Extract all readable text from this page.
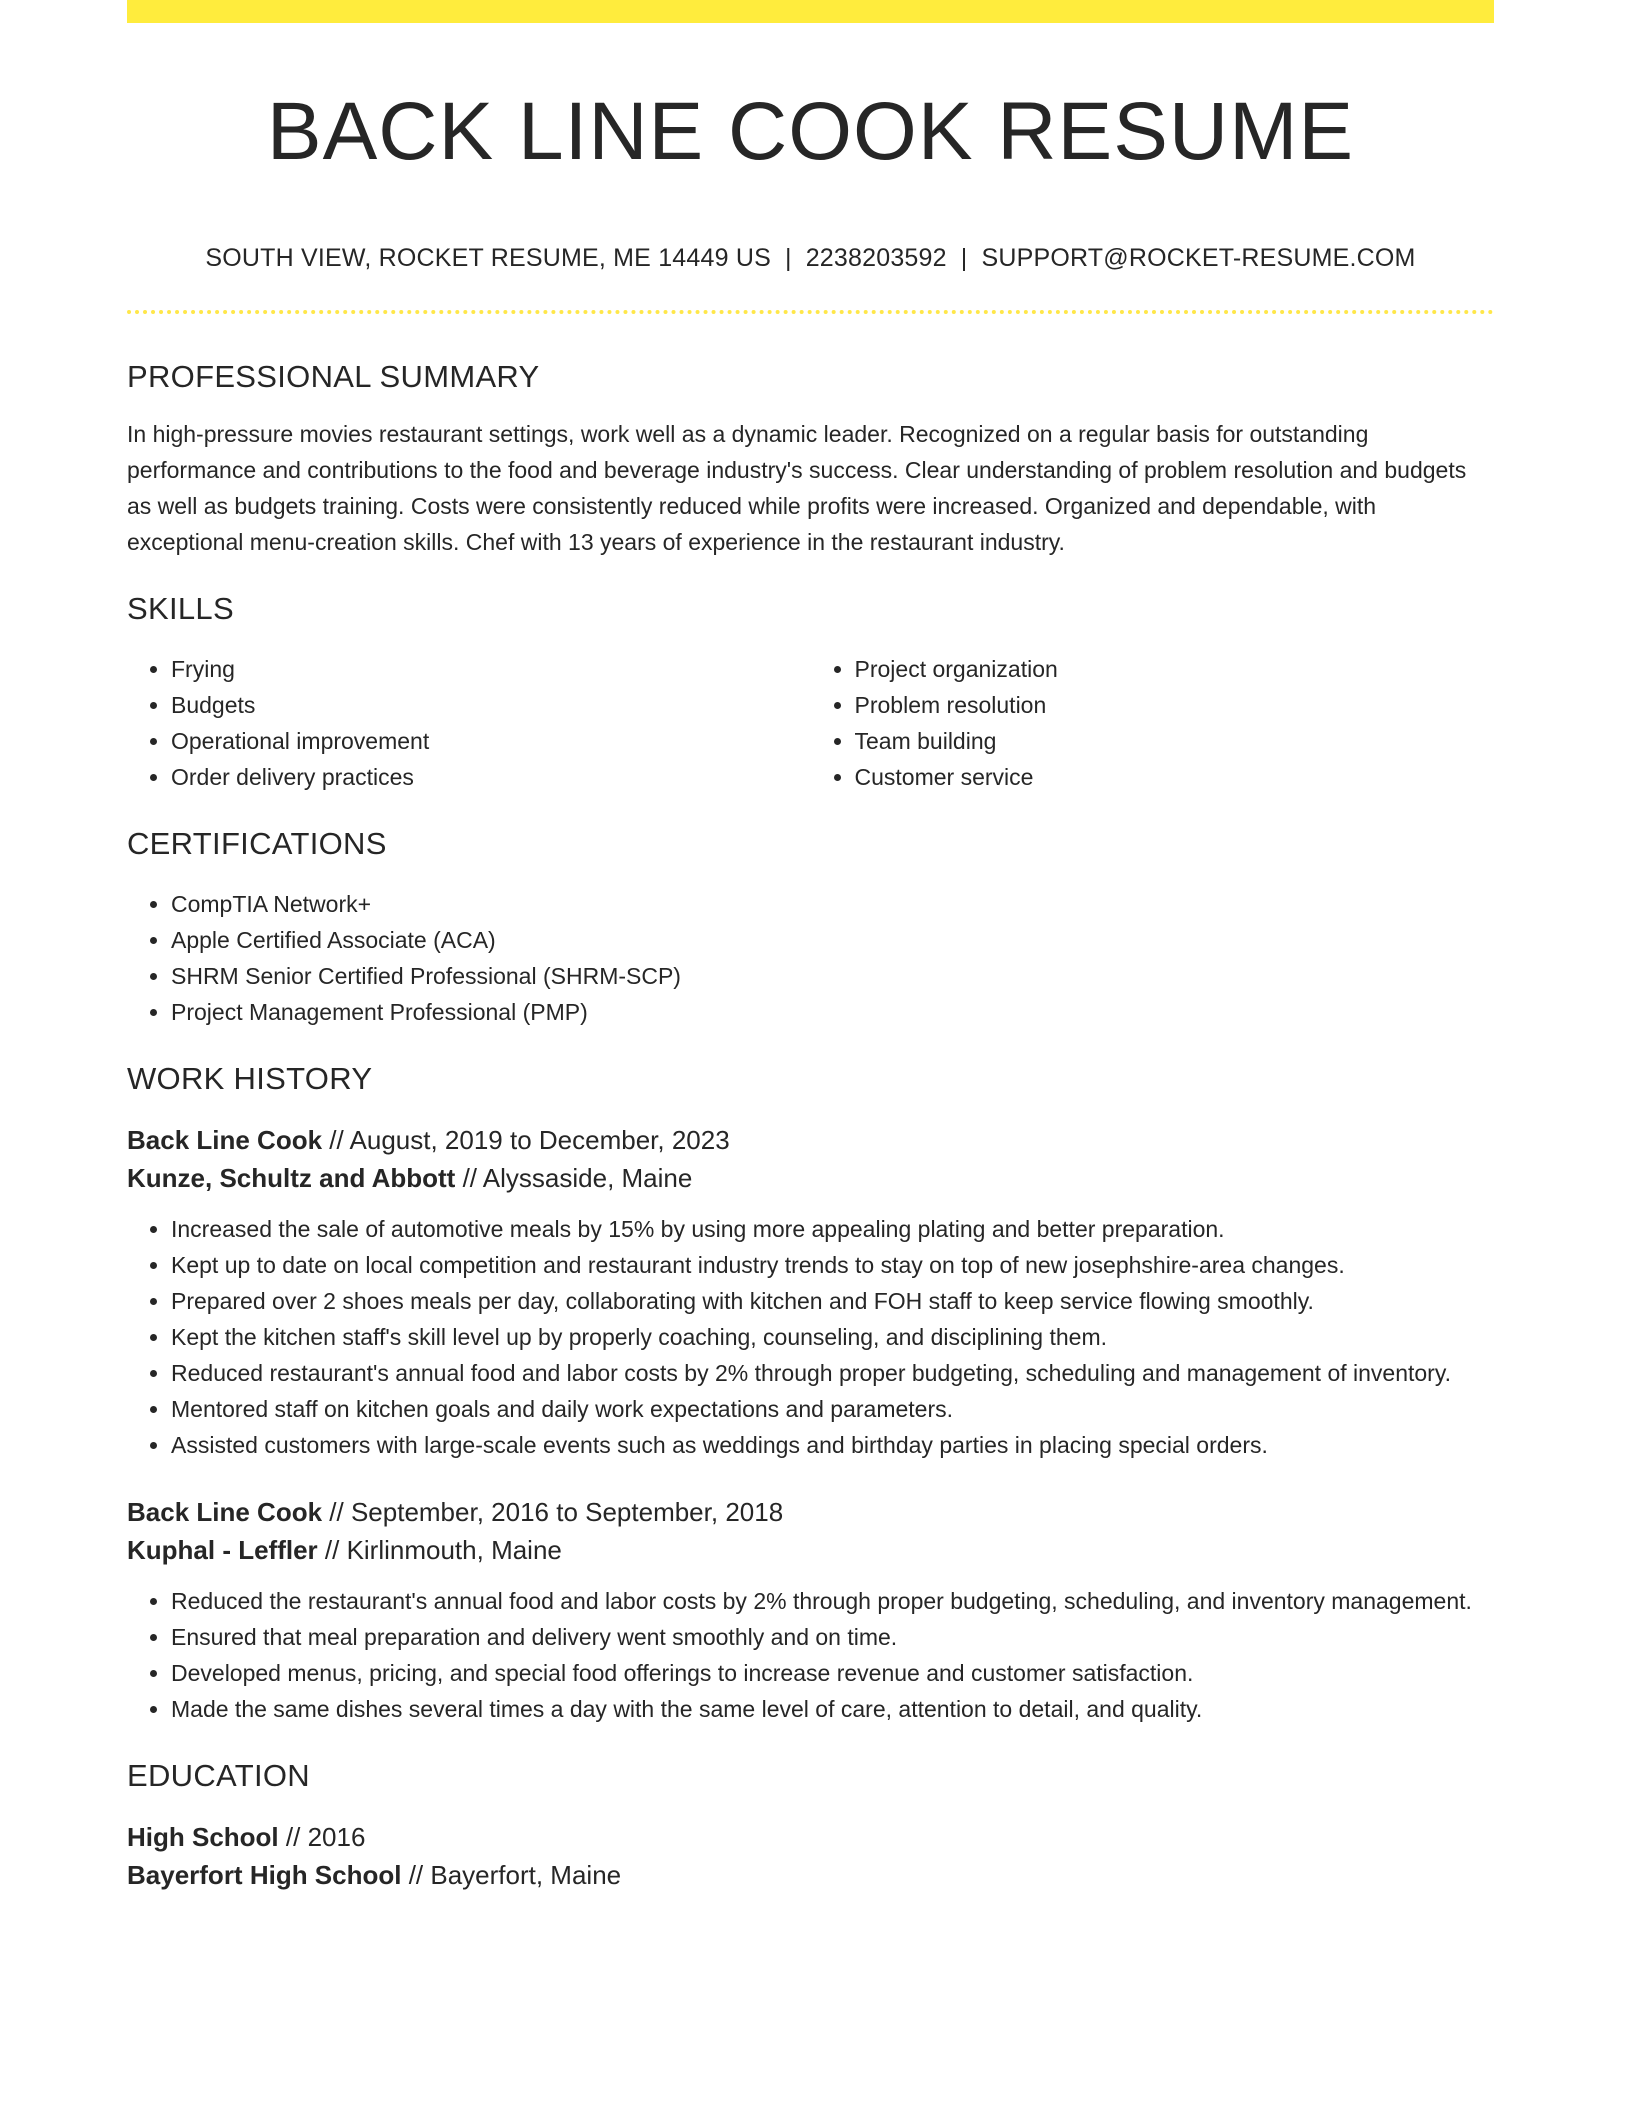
BACK LINE COOK RESUME
SOUTH VIEW, ROCKET RESUME, ME 14449 US | 2238203592 | SUPPORT@ROCKET-RESUME.COM
PROFESSIONAL SUMMARY

In high-pressure movies restaurant settings, work well as a dynamic leader. Recognized on a regular basis for outstanding performance and contributions to the food and beverage industry's success. Clear understanding of problem resolution and budgets as well as budgets training. Costs were consistently reduced while profits were increased. Organized and dependable, with exceptional menu-creation skills. Chef with 13 years of experience in the restaurant industry.

SKILLS
• Frying
• Budgets
• Operational improvement
• Order delivery practices
• Project organization
• Problem resolution
• Team building
• Customer service
CERTIFICATIONS
• CompTIA Network+
• Apple Certified Associate (ACA)
• SHRM Senior Certified Professional (SHRM-SCP)
• Project Management Professional (PMP)
WORK HISTORY

Back Line Cook // August, 2019 to December, 2023

Kunze, Schultz and Abbott // Alyssaside, Maine

• Increased the sale of automotive meals by 15% by using more appealing plating and better preparation.
• Kept up to date on local competition and restaurant industry trends to stay on top of new josephshire-area changes.
• Prepared over 2 shoes meals per day, collaborating with kitchen and FOH staff to keep service flowing smoothly.
• Kept the kitchen staff's skill level up by properly coaching, counseling, and disciplining them.
• Reduced restaurant's annual food and labor costs by 2% through proper budgeting, scheduling and management of inventory.
• Mentored staff on kitchen goals and daily work expectations and parameters.
• Assisted customers with large-scale events such as weddings and birthday parties in placing special orders.

Back Line Cook // September, 2016 to September, 2018

Kuphal - Leffler // Kirlinmouth, Maine

• Reduced the restaurant's annual food and labor costs by 2% through proper budgeting, scheduling, and inventory management.
• Ensured that meal preparation and delivery went smoothly and on time.
• Developed menus, pricing, and special food offerings to increase revenue and customer satisfaction.
• Made the same dishes several times a day with the same level of care, attention to detail, and quality.
EDUCATION

High School // 2016

Bayerfort High School // Bayerfort, Maine
